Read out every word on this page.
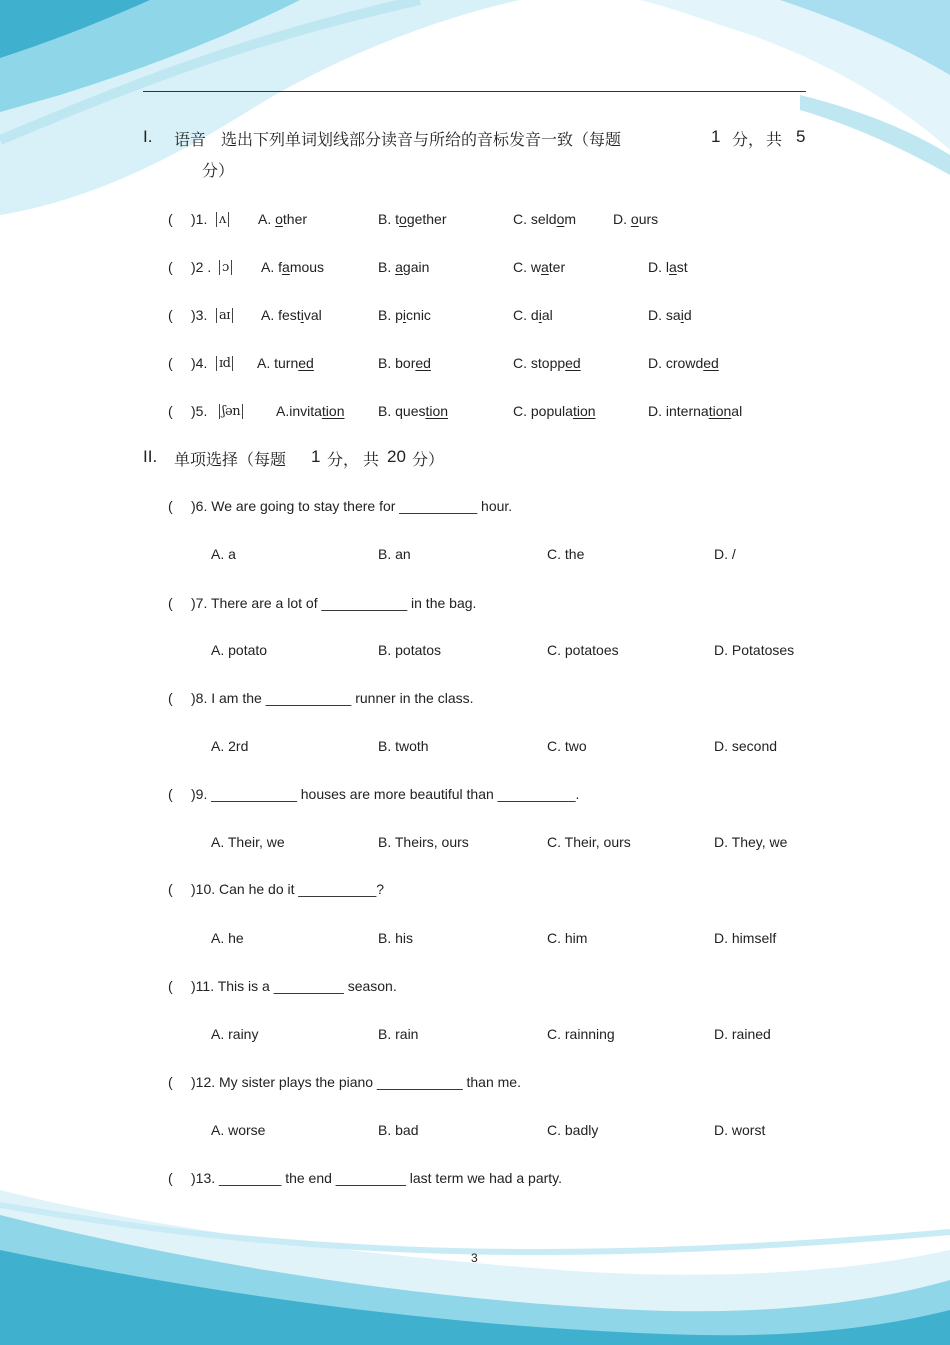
I. 语音 选出下列单词划线部分读音与所给的音标发音一致（每题	1 分， 共 5
分）
( )1. ʌ A. other	B. together	C. seldom	D. ours
( )2 . ɔ A. famous	B. again	C. water	D. last
( )3. aɪ A. festival	B. picnic	C. dial	D. said
( )4. ɪd A. turned	B. bored	C. stopped	D. crowded
( )5. ʃən	A.invitation B. question	C. population	D. international
II. 单项选择（每题 1 分， 共 20 分）
( )6. We are going to stay there for __________ hour.
A. a	B. an	C. the	D. /
( )7. There are a lot of ___________ in the bag.
A. potato	B. potatos	C. potatoes	D. Potatoses
( )8. I am the ___________ runner in the class.
A. 2rd	B. twoth	C. two	D. second
( )9. ___________ houses are more beautiful than __________.
A. Their, we	B. Theirs, ours	C. Their, ours	D. They, we
( )10. Can he do it __________?
A. he	B. his	C. him	D. himself
( )11. This is a _________ season.
A. rainy	B. rain	C. rainning	D. rained
( )12. My sister plays the piano ___________ than me.
A. worse	B. bad	C. badly	D. worst
( )13. ________ the end _________ last term we had a party.
3
